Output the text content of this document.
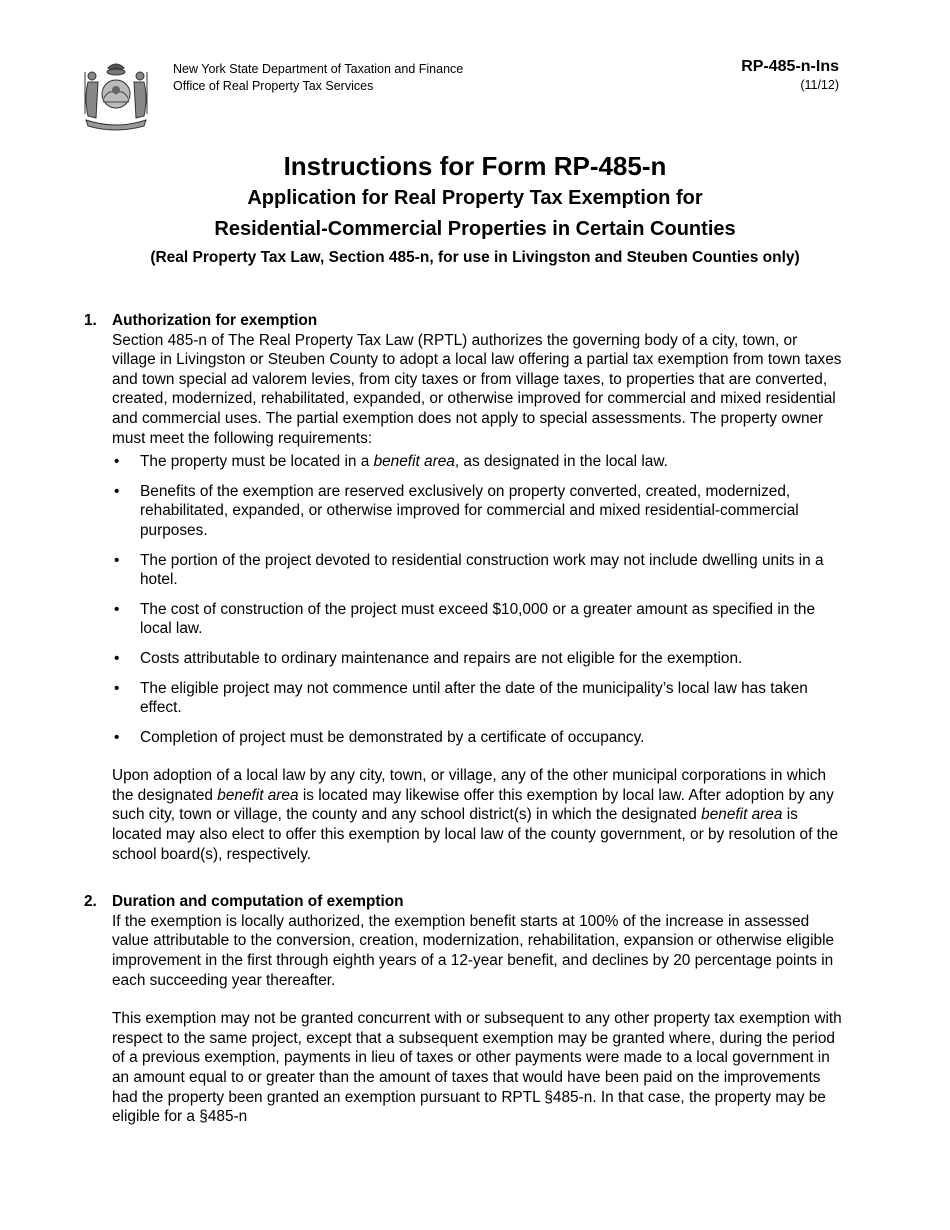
New York State Department of Taxation and Finance
Office of Real Property Tax Services
RP-485-n-Ins
(11/12)
Instructions for Form RP-485-n
Application for Real Property Tax Exemption for
Residential-Commercial Properties in Certain Counties
(Real Property Tax Law, Section 485-n, for use in Livingston and Steuben Counties only)
1. Authorization for exemption

Section 485-n of The Real Property Tax Law (RPTL) authorizes the governing body of a city, town, or village in Livingston or Steuben County to adopt a local law offering a partial tax exemption from town taxes and town special ad valorem levies, from city taxes or from village taxes, to properties that are converted, created, modernized, rehabilitated, expanded, or otherwise improved for commercial and mixed residential and commercial uses. The partial exemption does not apply to special assessments. The property owner must meet the following requirements:

• The property must be located in a benefit area, as designated in the local law.
• Benefits of the exemption are reserved exclusively on property converted, created, modernized, rehabilitated, expanded, or otherwise improved for commercial and mixed residential-commercial purposes.
• The portion of the project devoted to residential construction work may not include dwelling units in a hotel.
• The cost of construction of the project must exceed $10,000 or a greater amount as specified in the local law.
• Costs attributable to ordinary maintenance and repairs are not eligible for the exemption.
• The eligible project may not commence until after the date of the municipality’s local law has taken effect.
• Completion of project must be demonstrated by a certificate of occupancy.

Upon adoption of a local law by any city, town, or village, any of the other municipal corporations in which the designated benefit area is located may likewise offer this exemption by local law. After adoption by any such city, town or village, the county and any school district(s) in which the designated benefit area is located may also elect to offer this exemption by local law of the county government, or by resolution of the school board(s), respectively.

2. Duration and computation of exemption

If the exemption is locally authorized, the exemption benefit starts at 100% of the increase in assessed value attributable to the conversion, creation, modernization, rehabilitation, expansion or otherwise eligible improvement in the first through eighth years of a 12-year benefit, and declines by 20 percentage points in each succeeding year thereafter.

This exemption may not be granted concurrent with or subsequent to any other property tax exemption with respect to the same project, except that a subsequent exemption may be granted where, during the period of a previous exemption, payments in lieu of taxes or other payments were made to a local government in an amount equal to or greater than the amount of taxes that would have been paid on the improvements had the property been granted an exemption pursuant to RPTL §485-n. In that case, the property may be eligible for a §485-n
